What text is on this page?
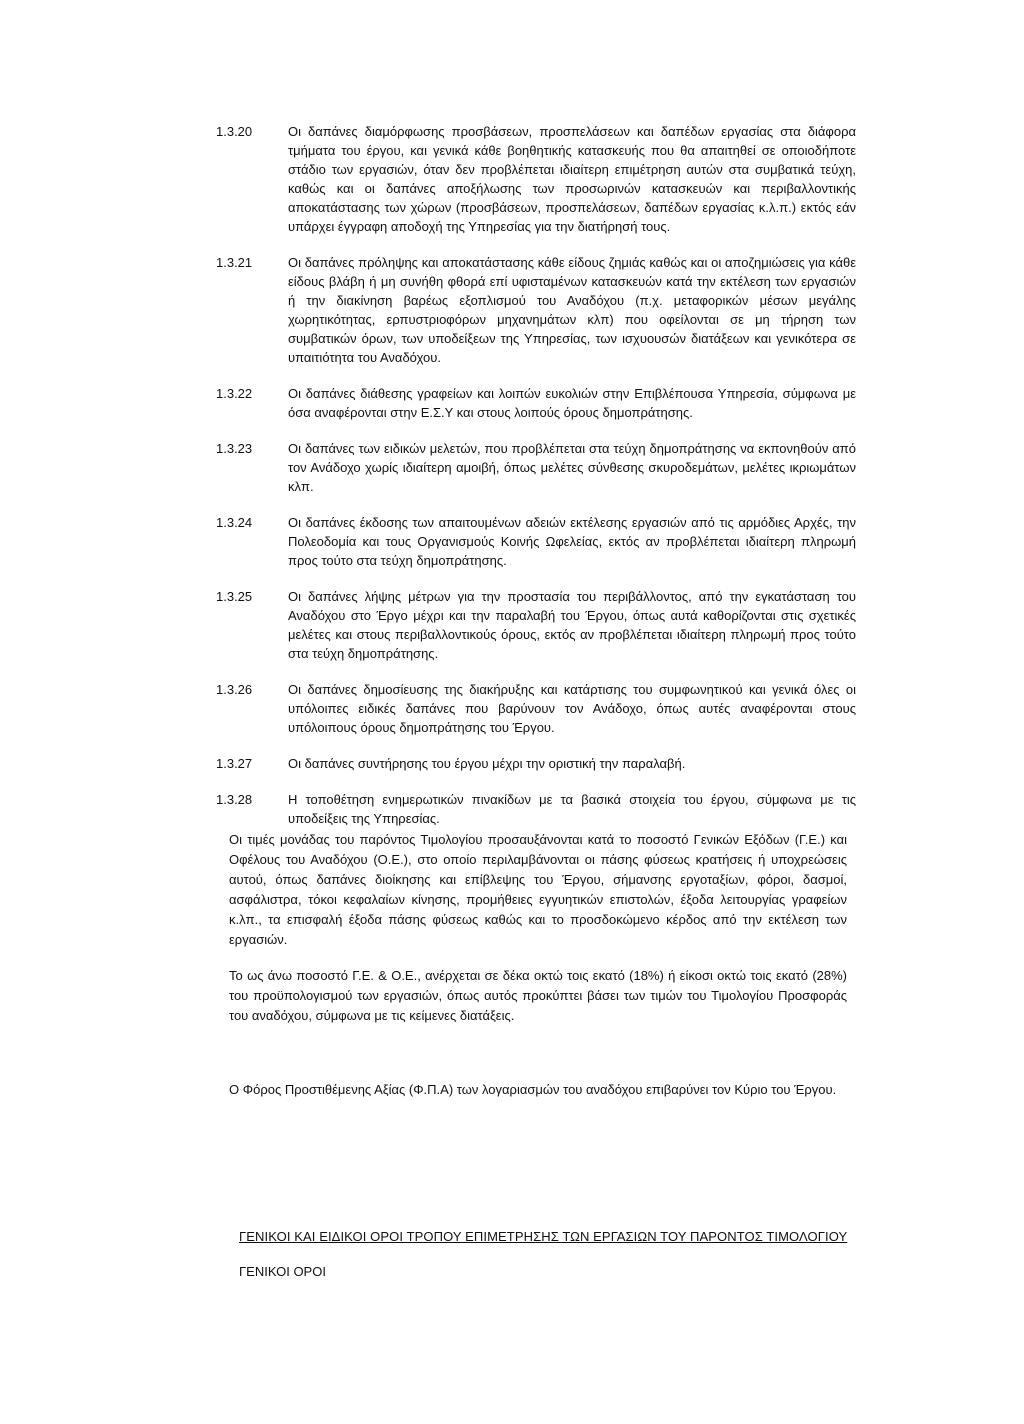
1.3.20	Οι δαπάνες διαμόρφωσης προσβάσεων, προσπελάσεων και δαπέδων εργασίας στα διάφορα τμήματα του έργου, και γενικά κάθε βοηθητικής κατασκευής που θα απαιτηθεί σε οποιοδήποτε στάδιο των εργασιών, όταν δεν προβλέπεται ιδιαίτερη επιμέτρηση αυτών στα συμβατικά τεύχη, καθώς και οι δαπάνες αποξήλωσης των προσωρινών κατασκευών και περιβαλλοντικής αποκατάστασης των χώρων (προσβάσεων, προσπελάσεων, δαπέδων εργασίας κ.λ.π.) εκτός εάν υπάρχει έγγραφη αποδοχή της Υπηρεσίας για την διατήρησή τους.
1.3.21	Οι δαπάνες πρόληψης και αποκατάστασης κάθε είδους ζημιάς καθώς και οι αποζημιώσεις για κάθε είδους βλάβη ή μη συνήθη φθορά επί υφισταμένων κατασκευών κατά την εκτέλεση των εργασιών ή την διακίνηση βαρέως εξοπλισμού του Αναδόχου (π.χ. μεταφορικών μέσων μεγάλης χωρητικότητας, ερπυστριοφόρων μηχανημάτων κλπ) που οφείλονται σε μη τήρηση των συμβατικών όρων, των υποδείξεων της Υπηρεσίας, των ισχυουσών διατάξεων και γενικότερα σε υπαιτιότητα του Αναδόχου.
1.3.22	Οι δαπάνες διάθεσης γραφείων και λοιπών ευκολιών στην Επιβλέπουσα Υπηρεσία, σύμφωνα με όσα αναφέρονται στην Ε.Σ.Υ και στους λοιπούς όρους δημοπράτησης.
1.3.23	Οι δαπάνες των ειδικών μελετών, που προβλέπεται στα τεύχη δημοπράτησης να εκπονηθούν από τον Ανάδοχο χωρίς ιδιαίτερη αμοιβή, όπως μελέτες σύνθεσης σκυροδεμάτων, μελέτες ικριωμάτων κλπ.
1.3.24	Οι δαπάνες έκδοσης των απαιτουμένων αδειών εκτέλεσης εργασιών από τις αρμόδιες Αρχές, την Πολεοδομία και τους Οργανισμούς Κοινής Ωφελείας, εκτός αν προβλέπεται ιδιαίτερη πληρωμή προς τούτο στα τεύχη δημοπράτησης.
1.3.25	Οι δαπάνες λήψης μέτρων για την προστασία του περιβάλλοντος, από την εγκατάσταση του Αναδόχου στο Έργο μέχρι και την παραλαβή του Έργου, όπως αυτά καθορίζονται στις σχετικές μελέτες και στους περιβαλλοντικούς όρους, εκτός αν προβλέπεται ιδιαίτερη πληρωμή προς τούτο στα τεύχη δημοπράτησης.
1.3.26	Οι δαπάνες δημοσίευσης της διακήρυξης και κατάρτισης του συμφωνητικού και γενικά όλες οι υπόλοιπες ειδικές δαπάνες που βαρύνουν τον Ανάδοχο, όπως αυτές αναφέρονται στους υπόλοιπους όρους δημοπράτησης του Έργου.
1.3.27	Οι δαπάνες συντήρησης του έργου μέχρι την οριστική την παραλαβή.
1.3.28	Η τοποθέτηση ενημερωτικών πινακίδων με τα βασικά στοιχεία του έργου, σύμφωνα με τις υποδείξεις της Υπηρεσίας.

Οι τιμές μονάδας του παρόντος Τιμολογίου προσαυξάνονται κατά το ποσοστό Γενικών Εξόδων (Γ.Ε.) και Οφέλους του Αναδόχου (Ο.Ε.), στο οποίο περιλαμβάνονται οι πάσης φύσεως κρατήσεις ή υποχρεώσεις αυτού, όπως δαπάνες διοίκησης και επίβλεψης του Έργου, σήμανσης εργοταξίων, φόροι, δασμοί, ασφάλιστρα, τόκοι κεφαλαίων κίνησης, προμήθειες εγγυητικών επιστολών, έξοδα λειτουργίας γραφείων κ.λπ., τα επισφαλή έξοδα πάσης φύσεως καθώς και το προσδοκώμενο κέρδος από την εκτέλεση των εργασιών.

Το ως άνω ποσοστό Γ.Ε. & Ο.Ε., ανέρχεται σε δέκα οκτώ τοις εκατό (18%) ή είκοσι οκτώ τοις εκατό (28%) του προϋπολογισμού των εργασιών, όπως αυτός προκύπτει βάσει των τιμών του Τιμολογίου Προσφοράς του αναδόχου, σύμφωνα με τις κείμενες διατάξεις.

Ο Φόρος Προστιθέμενης Αξίας (Φ.Π.Α) των λογαριασμών του αναδόχου επιβαρύνει τον Κύριο του Έργου.

ΓΕΝΙΚΟΙ ΚΑΙ ΕΙΔΙΚΟΙ ΟΡΟΙ ΤΡΟΠΟΥ ΕΠΙΜΕΤΡΗΣΗΣ ΤΩΝ ΕΡΓΑΣΙΩΝ ΤΟΥ ΠΑΡΟΝΤΟΣ ΤΙΜΟΛΟΓΙΟΥ

ΓΕΝΙΚΟΙ ΟΡΟΙ
